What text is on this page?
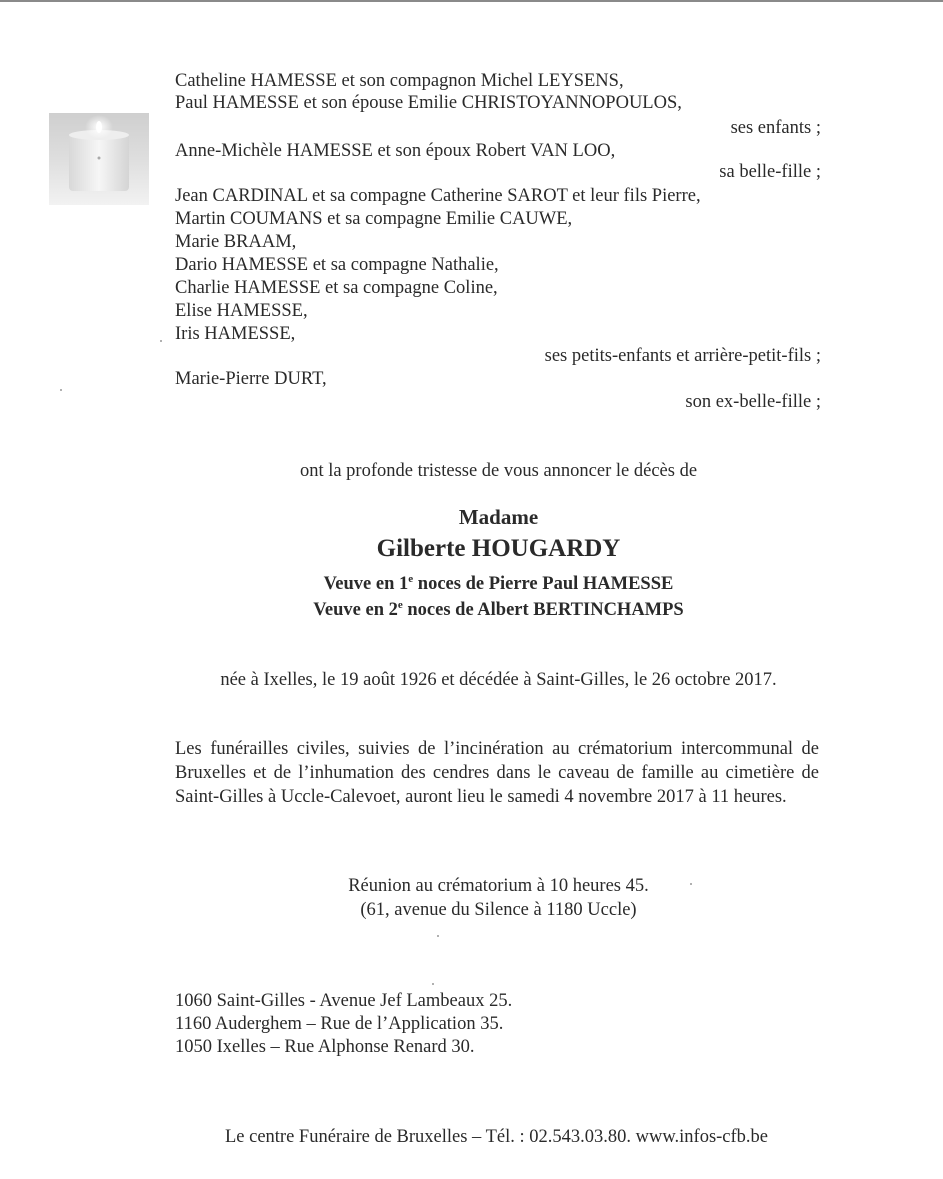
Catheline HAMESSE et son compagnon Michel LEYSENS,
Paul HAMESSE et son épouse Emilie CHRISTOYANNOPOULOS,
ses enfants ;
Anne-Michèle HAMESSE et son époux Robert VAN LOO,
sa belle-fille ;
Jean CARDINAL et sa compagne Catherine SAROT et leur fils Pierre,
Martin COUMANS et sa compagne Emilie CAUWE,
Marie BRAAM,
Dario HAMESSE et sa compagne Nathalie,
Charlie HAMESSE et sa compagne Coline,
Elise HAMESSE,
Iris HAMESSE,
ses petits-enfants et arrière-petit-fils ;
Marie-Pierre DURT,
son ex-belle-fille ;
ont la profonde tristesse de vous annoncer le décès de
Madame
Gilberte HOUGARDY
Veuve en 1e noces de Pierre Paul HAMESSE
Veuve en 2e noces de Albert BERTINCHAMPS
née à Ixelles, le 19 août 1926 et décédée à Saint-Gilles, le 26 octobre 2017.
Les funérailles civiles, suivies de l’incinération au crématorium intercommunal de Bruxelles et de l’inhumation des cendres dans le caveau de famille au cimetière de Saint-Gilles à Uccle-Calevoet, auront lieu le samedi 4 novembre 2017 à 11 heures.
Réunion au crématorium à 10 heures 45.
(61, avenue du Silence à 1180 Uccle)
1060 Saint-Gilles - Avenue Jef Lambeaux 25.
1160 Auderghem – Rue de l’Application 35.
1050 Ixelles – Rue Alphonse Renard 30.
Le centre Funéraire de Bruxelles – Tél. : 02.543.03.80. www.infos-cfb.be
